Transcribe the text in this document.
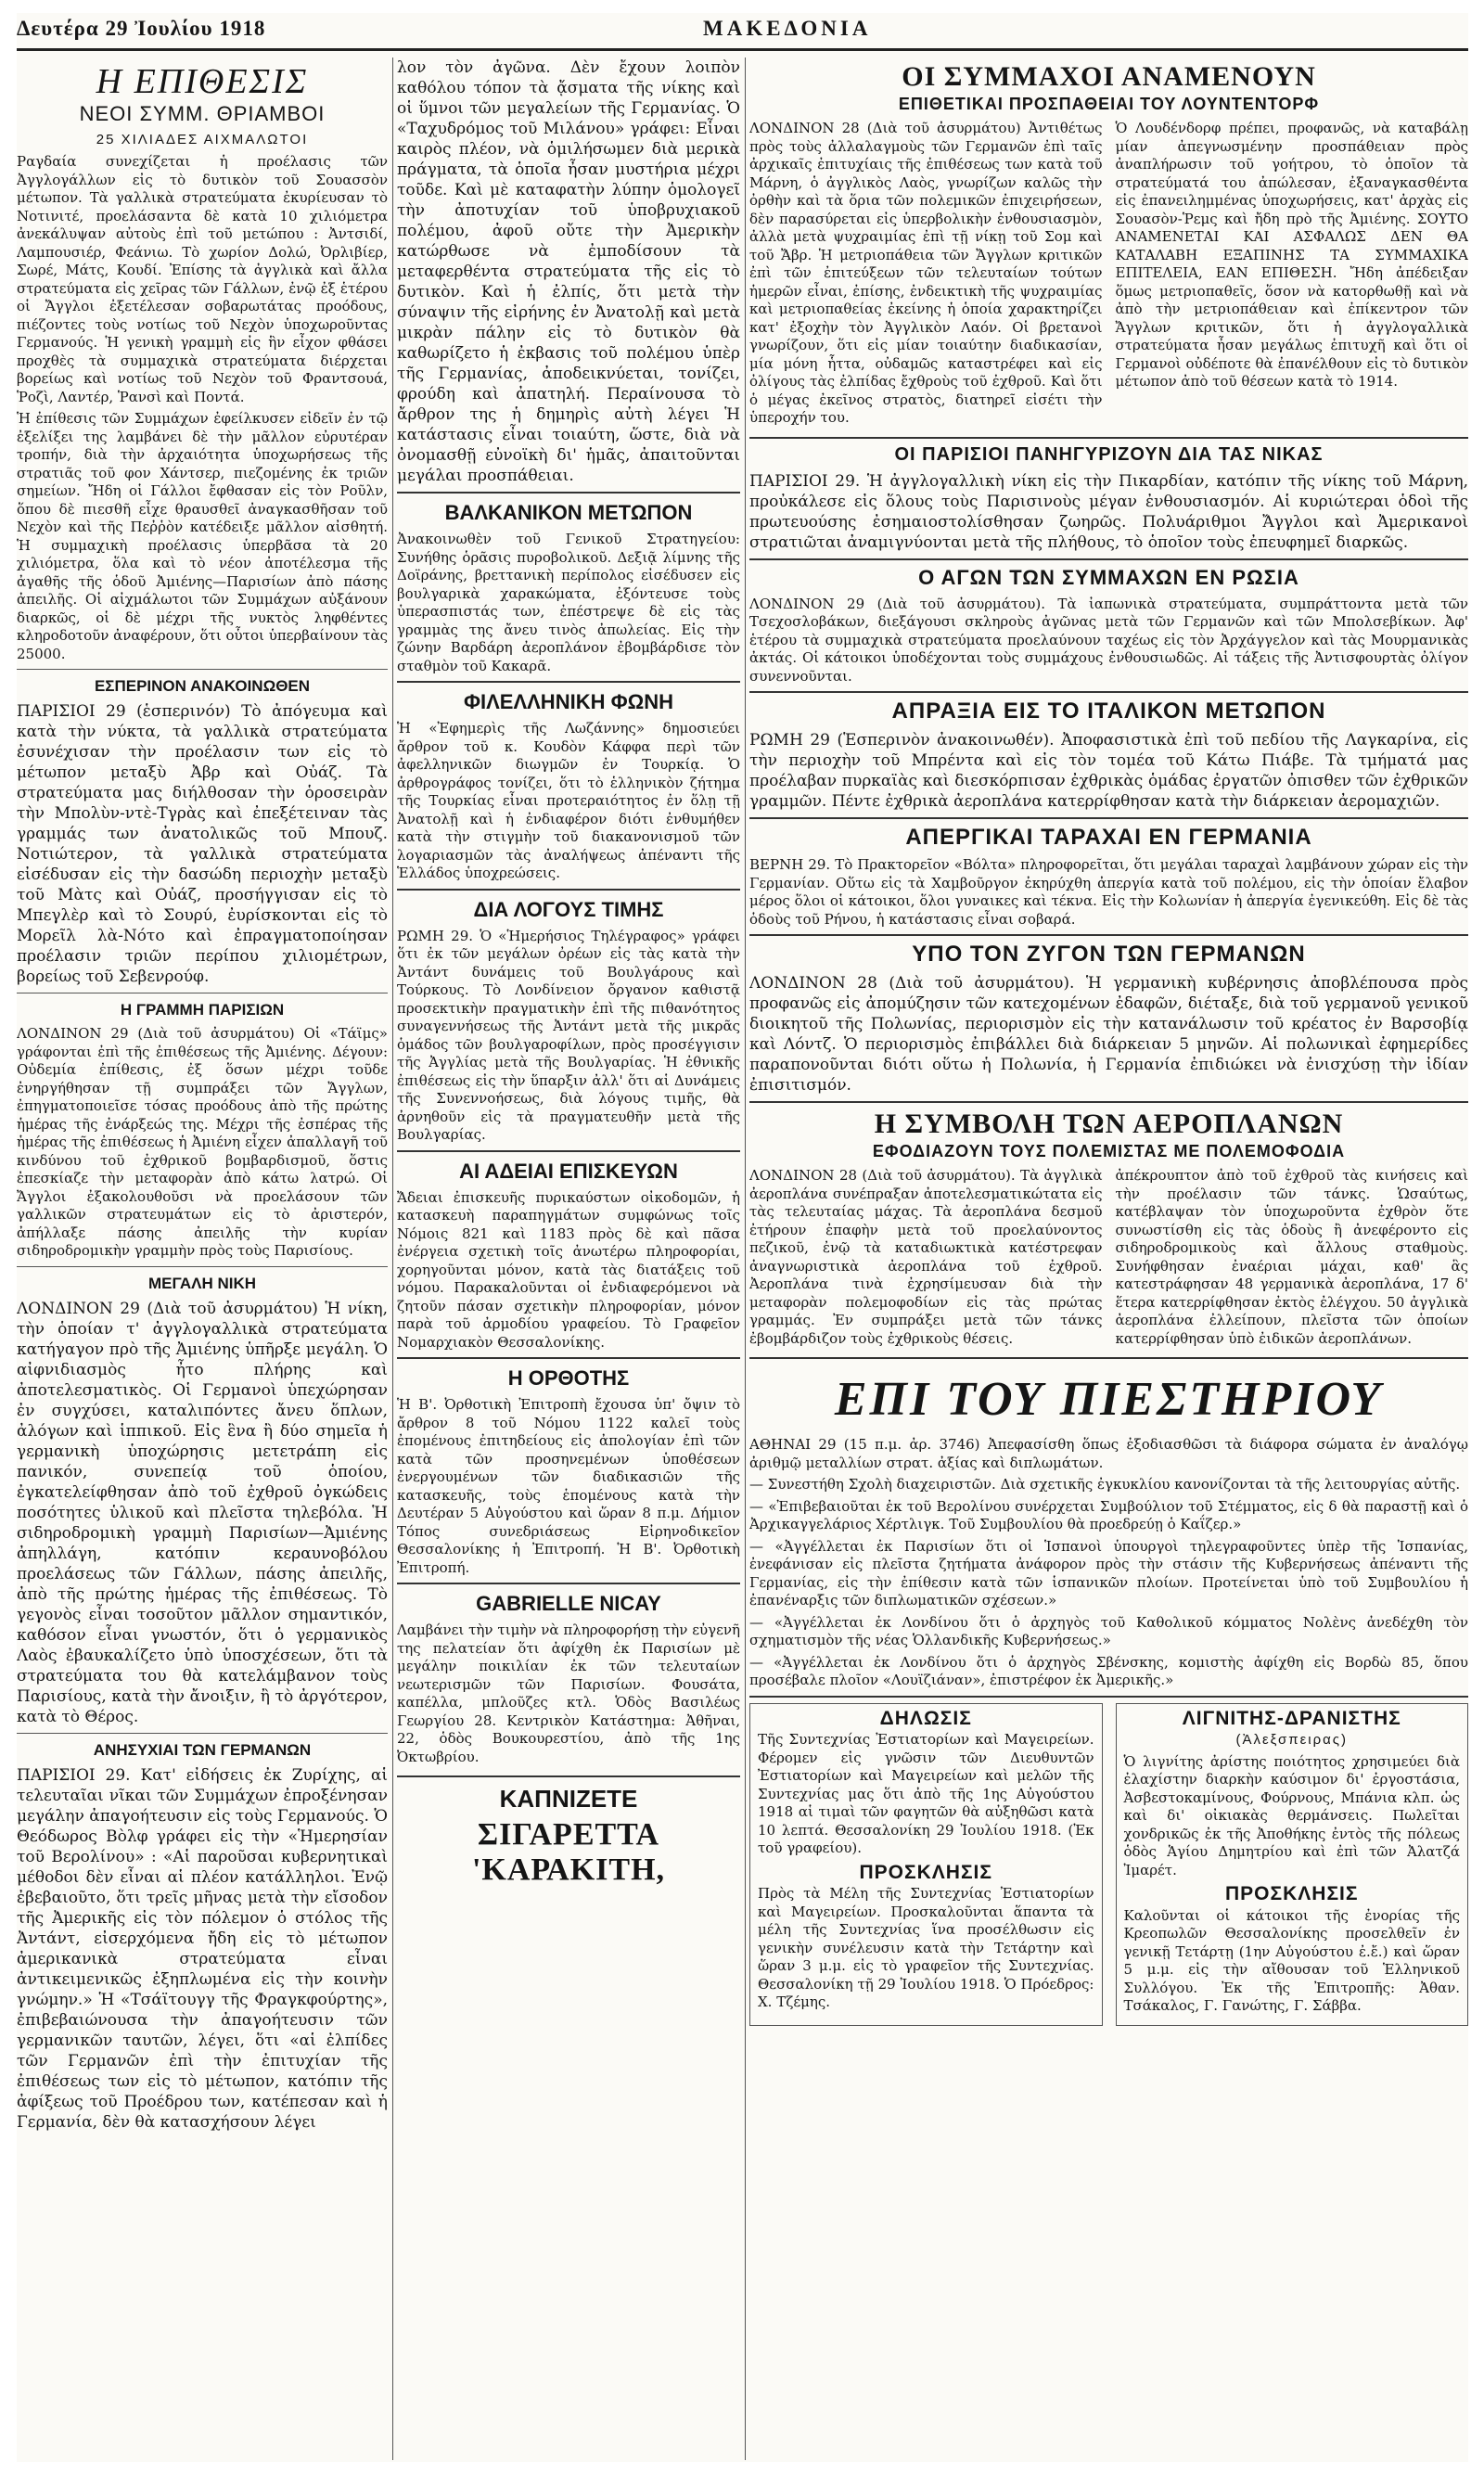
Δευτέρα 29 Ἰουλίου 1918	ΜΑΚΕΔΟΝΙΑ
Η ΕΠΙΘΕΣΙΣ
ΝΕΟΙ ΣΥΜΜ. ΘΡΙΑΜΒΟΙ
25 ΧΙΛΙΑΔΕΣ ΑΙΧΜΑΛΩΤΟΙ

Ραγδαία συνεχίζεται ἡ προέλασις τῶν Ἀγγλογάλλων εἰς τὸ δυτικὸν τοῦ Σουασσὸν μέτωπον. Τὰ γαλλικὰ στρατεύματα ἐκυρίευσαν τὸ Νοτινιτέ, προελάσαντα δὲ κατὰ 10 χιλιόμετρα ἀνεκάλυψαν αὐτοὺς ἐπὶ τοῦ μετώπου : Ἀντσιδί, Λαμπουσιέρ, Φεάνιω. Τὸ χωρίον Δολώ, Ὀρλιβίερ, Σωρέ, Μάτς, Κουδί. Ἐπίσης τὰ ἀγγλικὰ καὶ ἄλλα στρατεύματα εἰς χεῖρας τῶν Γάλλων, ἐνῷ ἐξ ἑτέρου οἱ Ἄγγλοι ἐξετέλεσαν σοβαρωτάτας προόδους, πιέζοντες τοὺς νοτίως τοῦ Νεχὸν ὑποχωροῦντας Γερμανούς. Ἡ γενικὴ γραμμὴ εἰς ἣν εἶχον φθάσει προχθὲς τὰ συμμαχικὰ στρατεύματα διέρχεται βορείως καὶ νοτίως τοῦ Νεχὸν τοῦ Φραντσουά, Ῥοζὶ, Λαντέρ, Ῥανσὶ καὶ Ποντά.

Ἡ ἐπίθεσις τῶν Συμμάχων ἐφείλκυσεν εἰδεῖν ἐν τῷ ἐξελίξει της λαμβάνει δὲ τὴν μᾶλλον εὐρυτέραν τροπήν, διὰ τὴν ἀρχαιότητα ὑποχωρήσεως τῆς στρατιᾶς τοῦ φον Χάντσερ, πιεζομένης ἐκ τριῶν σημείων. Ἤδη οἱ Γάλλοι ἔφθασαν εἰς τὸν Ροῦλν, ὅπου δὲ πιεσθῆ εἶχε θραυσθεῖ ἀναγκασθῆσαν τοῦ Νεχὸν καὶ τῆς Πεῤῥὸν κατέδειξε μᾶλλον αἰσθητή. Ἡ συμμαχικὴ προέλασις ὑπερβᾶσα τὰ 20 χιλιόμετρα, ὅλα καὶ τὸ νέον ἀποτέλεσμα τῆς ἀγαθῆς τῆς ὁδοῦ Ἀμιένης—Παρισίων ἀπὸ πάσης ἀπειλῆς. Οἱ αἰχμάλωτοι τῶν Συμμάχων αὐξάνουν διαρκῶς, οἱ δὲ μέχρι τῆς νυκτὸς ληφθέντες κληροδοτοῦν ἀναφέρουν, ὅτι οὗτοι ὑπερβαίνουν τὰς 25000.

ΕΣΠΕΡΙΝΟΝ ΑΝΑΚΟΙΝΩΘΕΝ

ΠΑΡΙΣΙΟΙ 29 (ἑσπερινόν) Τὸ ἀπόγευμα καὶ κατὰ τὴν νύκτα, τὰ γαλλικὰ στρατεύματα ἐσυνέχισαν τὴν προέλασιν των εἰς τὸ μέτωπον μεταξὺ Ἀβρ καὶ Οὐάζ. Τὰ στρατεύματα μας διήλθοσαν τὴν ὁροσειρὰν τὴν Μπολὺν-ντὲ-Τγρὰς καὶ ἐπεξέτειναν τὰς γραμμάς των ἀνατολικῶς τοῦ Μπουζ. Νοτιώτερον, τὰ γαλλικὰ στρατεύματα εἰσέδυσαν εἰς τὴν δασώδη περιοχὴν μεταξὺ τοῦ Μὰτς καὶ Οὐάζ, προσήγγισαν εἰς τὸ Μπεγλὲρ καὶ τὸ Σουρύ, ἐυρίσκονται εἰς τὸ Μορεῖλ λὰ-Νότο καὶ ἐπραγματοποίησαν προέλασιν τριῶν περίπου χιλιομέτρων, βορείως τοῦ Σεβενρούφ.

Η ΓΡΑΜΜΗ ΠΑΡΙΣΙΩΝ

ΛΟΝΔΙΝΟΝ 29 (Διὰ τοῦ ἀσυρμάτου) Οἱ «Τάϊμς» γράφονται ἐπὶ τῆς ἐπιθέσεως τῆς Ἀμιένης. Δέγουν: Οὐδεμία ἐπίθεσις, ἐξ ὅσων μέχρι τοῦδε ἐνηργήθησαν τῇ συμπράξει τῶν Ἄγγλων, ἐπηγματοποιεῖσε τόσας προόδους ἀπὸ τῆς πρώτης ἡμέρας τῆς ἐνάρξεώς της. Μέχρι τῆς ἐσπέρας τῆς ἡμέρας τῆς ἐπιθέσεως ἡ Ἀμιένη εἶχεν ἀπαλλαγῆ τοῦ κινδύνου τοῦ ἐχθρικοῦ βομβαρδισμοῦ, ὅστις ἐπεσκίαζε τὴν μεταφορὰν ἀπὸ κάτω λατρώ. Οἱ Ἄγγλοι ἐξακολουθοῦσι νὰ προελάσουν τῶν γαλλικῶν στρατευμάτων εἰς τὸ ἀριστερόν, ἀπήλλαξε πάσης ἀπειλῆς τὴν κυρίαν σιδηροδρομικὴν γραμμὴν πρὸς τοὺς Παρισίους.

ΜΕΓΑΛΗ ΝΙΚΗ

ΛΟΝΔΙΝΟΝ 29 (Διὰ τοῦ ἀσυρμάτου) Ἡ νίκη, τὴν ὁποίαν τ' ἀγγλογαλλικὰ στρατεύματα κατήγαγον πρὸ τῆς Ἀμιένης ὑπῆρξε μεγάλη. Ὁ αἰφνιδιασμὸς ἦτο πλήρης καὶ ἀποτελεσματικὸς. Οἱ Γερμανοὶ ὑπεχώρησαν ἐν συγχύσει, καταλιπόντες ἄνευ ὅπλων, ἀλόγων καὶ ἱππικοῦ. Εἰς ἓνα ἢ δύο σημεῖα ἡ γερμανικὴ ὑποχώρησις μετετράπη εἰς πανικόν, συνεπείᾳ τοῦ ὁποίου, ἐγκατελείφθησαν ἀπὸ τοῦ ἐχθροῦ ὀγκώδεις ποσότητες ὑλικοῦ καὶ πλεῖστα τηλεβόλα. Ἡ σιδηροδρομικὴ γραμμὴ Παρισίων—Ἀμιένης ἀπηλλάγη, κατόπιν κεραυνοβόλου προελάσεως τῶν Γάλλων, πάσης ἀπειλῆς, ἀπὸ τῆς πρώτης ἡμέρας τῆς ἐπιθέσεως. Τὸ γεγονὸς εἶναι τοσοῦτον μᾶλλον σημαντικόν, καθόσον εἶναι γνωστόν, ὅτι ὁ γερμανικὸς Λαὸς ἐβαυκαλίζετο ὑπὸ ὑποσχέσεων, ὅτι τὰ στρατεύματα του θὰ κατελάμβανον τοὺς Παρισίους, κατὰ τὴν ἄνοιξιν, ἢ τὸ ἀργότερον, κατὰ τὸ Θέρος.

ΑΝΗΣΥΧΙΑΙ ΤΩΝ ΓΕΡΜΑΝΩΝ

ΠΑΡΙΣΙΟΙ 29. Κατ' εἰδήσεις ἐκ Ζυρίχης, αἱ τελευταῖαι νῖκαι τῶν Συμμάχων ἐπροξένησαν μεγάλην ἀπαγοήτευσιν εἰς τοὺς Γερμανούς. Ὁ Θεόδωρος Βὸλφ γράφει εἰς τὴν «Ἡμερησίαν τοῦ Βερολίνου» : «Αἱ παροῦσαι κυβερνητικαὶ μέθοδοι δὲν εἶναι αἱ πλέον κατάλληλοι. Ἐνῷ ἐβεβαιοῦτο, ὅτι τρεῖς μῆνας μετὰ τὴν εἴσοδον τῆς Ἀμερικῆς εἰς τὸν πόλεμον ὁ στόλος τῆς Ἀντάντ, εἰσερχόμενα ἤδη εἰς τὸ μέτωπον ἀμερικανικὰ στρατεύματα εἶναι ἀντικειμενικῶς ἐξηπλωμένα εἰς τὴν κοινὴν γνώμην.» Ἡ «Τσάϊτουγγ τῆς Φραγκφούρτης», ἐπιβεβαιώνουσα τὴν ἀπαγοήτευσιν τῶν γερμανικῶν ταυτῶν, λέγει, ὅτι «αἱ ἐλπίδες τῶν Γερμανῶν ἐπὶ τὴν ἐπιτυχίαν τῆς ἐπιθέσεως των εἰς τὸ μέτωπον, κατόπιν τῆς ἀφίξεως τοῦ Προέδρου των, κατέπεσαν καὶ ἡ Γερμανία, δὲν θὰ κατασχήσουν λέγει

λον τὸν ἀγῶνα. Δὲν ἔχουν λοιπὸν καθόλου τόπον τὰ ᾄσματα τῆς νίκης καὶ οἱ ὕμνοι τῶν μεγαλείων τῆς Γερμανίας. Ὁ «Ταχυδρόμος τοῦ Μιλάνου» γράφει: Εἶναι καιρὸς πλέον, νὰ ὁμιλήσωμεν διὰ μερικὰ πράγματα, τὰ ὁποῖα ἦσαν μυστήρια μέχρι τοῦδε. Καὶ μὲ καταφατὴν λύπην ὁμολογεῖ τὴν ἀποτυχίαν τοῦ ὑποβρυχιακοῦ πολέμου, ἀφοῦ οὔτε τὴν Ἀμερικὴν κατώρθωσε νὰ ἐμποδίσουν τὰ μεταφερθέντα στρατεύματα τῆς εἰς τὸ δυτικὸν. Καὶ ἡ ἐλπίς, ὅτι μετὰ τὴν σύναψιν τῆς εἰρήνης ἐν Ἀνατολῇ καὶ μετὰ μικρὰν πάλην εἰς τὸ δυτικὸν θὰ καθωρίζετο ἡ ἐκβασις τοῦ πολέμου ὑπὲρ τῆς Γερμανίας, ἀποδεικνύεται, τονίζει, φρούδη καὶ ἀπατηλή. Περαίνουσα τὸ ἄρθρον της ἡ δημηρὶς αὐτὴ λέγει Ἡ κατάστασις εἶναι τοιαύτη, ὥστε, διὰ νὰ ὀνομασθῇ εὐνοϊκὴ δι' ἡμᾶς, ἀπαιτοῦνται μεγάλαι προσπάθειαι.

ΒΑΛΚΑΝΙΚΟΝ ΜΕΤΩΠΟΝ

Ἀνακοινωθὲν τοῦ Γενικοῦ Στρατηγείου: Συνήθης ὁρᾶσις πυροβολικοῦ. Δεξιᾷ λίμνης τῆς Δοϊράνης, βρεττανικὴ περίπολος εἰσέδυσεν εἰς βουλγαρικὰ χαρακώματα, ἐξόντευσε τοὺς ὑπερασπιστάς των, ἐπέστρεψε δὲ εἰς τὰς γραμμὰς της ἄνευ τινὸς ἀπωλείας. Εἰς τὴν ζώνην Βαρδάρη ἀεροπλάνον ἐβομβάρδισε τὸν σταθμὸν τοῦ Κακαρᾶ.

ΦΙΛΕΛΛΗΝΙΚΗ ΦΩΝΗ

Ἡ «Ἐφημερὶς τῆς Λωζάννης» δημοσιεύει ἄρθρον τοῦ κ. Κουδὸν Κάφφα περὶ τῶν ἀφελληνικῶν διωγμῶν ἐν Τουρκίᾳ. Ὁ ἀρθρογράφος τονίζει, ὅτι τὸ ἑλληνικὸν ζήτημα τῆς Τουρκίας εἶναι προτεραιότητος ἐν ὅλῃ τῇ Ἀνατολῇ καὶ ἡ ἐνδιαφέρον διότι ἐνθυμήθεν κατὰ τὴν στιγμὴν τοῦ διακανονισμοῦ τῶν λογαριασμῶν τὰς ἀναλήψεως ἀπέναντι τῆς Ἑλλάδος ὑποχρεώσεις.

ΔΙΑ ΛΟΓΟΥΣ ΤΙΜΗΣ

ΡΩΜΗ 29. Ὁ «Ἡμερήσιος Τηλέγραφος» γράφει ὅτι ἐκ τῶν μεγάλων ὀρέων εἰς τὰς κατὰ τὴν Ἀντάντ δυνάμεις τοῦ Βουλγάρους καὶ Τούρκους. Τὸ Λονδίνειον ὄργανον καθιστᾷ προσεκτικὴν πραγματικὴν ἐπὶ τῆς πιθανότητος συναγεννήσεως τῆς Ἀντάντ μετὰ τῆς μικρᾶς ὁμάδος τῶν βουλγαροφίλων, πρὸς προσέγγισιν τῆς Ἀγγλίας μετὰ τῆς Βουλγαρίας. Ἡ ἐθνικῆς ἐπιθέσεως εἰς τὴν ὕπαρξιν ἀλλ' ὅτι αἱ Δυνάμεις τῆς Συνεννοήσεως, διὰ λόγους τιμῆς, θὰ ἀρνηθοῦν εἰς τὰ πραγματευθῆν μετὰ τῆς Βουλγαρίας.

ΑΙ ΑΔΕΙΑΙ ΕΠΙΣΚΕΥΩΝ

Ἄδειαι ἐπισκευῆς πυρικαύστων οἰκοδομῶν, ἡ κατασκευὴ παραπηγμάτων συμφώνως τοῖς Νόμοις 821 καὶ 1183 πρὸς δὲ καὶ πᾶσα ἐνέργεια σχετικὴ τοῖς ἀνωτέρω πληροφορίαι, χορηγοῦνται μόνον, κατὰ τὰς διατάξεις τοῦ νόμου. Παρακαλοῦνται οἱ ἐνδιαφερόμενοι νὰ ζητοῦν πάσαν σχετικὴν πληροφορίαν, μόνον παρὰ τοῦ ἀρμοδίου γραφείου. Τὸ Γραφεῖον Νομαρχιακὸν Θεσσαλονίκης.

Η ΟΡΘΟΤΗΣ

Ἡ Β'. Ὀρθοτικὴ Ἐπιτροπὴ ἔχουσα ὑπ' ὄψιν τὸ ἄρθρον 8 τοῦ Νόμου 1122 καλεῖ τοὺς ἐπομένους ἐπιτηδείους εἰς ἀπολογίαν ἐπὶ τῶν κατὰ τῶν προσηνεμένων ὑποθέσεων ἐνεργουμένων τῶν διαδικασιῶν τῆς κατασκευῆς, τοὺς ἑπομένους κατὰ τὴν Δευτέραν 5 Αὐγούστου καὶ ὥραν 8 π.μ. Δήμιον Τόπος συνεδριάσεως Εἰρηνοδικεῖον Θεσσαλονίκης ἡ Ἐπιτροπή. Ἡ Β'. Ὀρθοτικὴ Ἐπιτροπή.

GABRIELLE NICAY

Λαμβάνει τὴν τιμὴν νὰ πληροφορήσῃ τὴν εὐγενῆ της πελατείαν ὅτι ἀφίχθη ἐκ Παρισίων μὲ μεγάλην ποικιλίαν ἐκ τῶν τελευταίων νεωτερισμῶν τῶν Παρισίων. Φουσάτα, καπέλλα, μπλοῦζες κτλ. Ὁδὸς Βασιλέως Γεωργίου 28. Κεντρικὸν Κατάστημα: Ἀθῆναι, 22, ὁδὸς Βουκουρεστίου, ἀπὸ τῆς 1ης Ὀκτωβρίου.

ΚΑΠΝΙΖΕΤΕ
ΣΙΓΑΡΕΤΤΑ 'ΚΑΡΑΚΙΤΗ,
ΟΙ ΣΥΜΜΑΧΟΙ ΑΝΑΜΕΝΟΥΝ
ΕΠΙΘΕΤΙΚΑΙ ΠΡΟΣΠΑΘΕΙΑΙ ΤΟΥ ΛΟΥΝΤΕΝΤΟΡΦ

ΛΟΝΔΙΝΟΝ 28 (Διὰ τοῦ ἀσυρμάτου) Ἀντιθέτως πρὸς τοὺς ἀλλαλαγμοὺς τῶν Γερμανῶν ἐπὶ ταῖς ἀρχικαῖς ἐπιτυχίαις τῆς ἐπιθέσεως των κατὰ τοῦ Μάρνη, ὁ ἀγγλικὸς Λαὸς, γνωρίζων καλῶς τὴν ὀρθὴν καὶ τὰ ὅρια τῶν πολεμικῶν ἐπιχειρήσεων, δὲν παρασύρεται εἰς ὑπερβολικὴν ἐνθουσιασμὸν, ἀλλὰ μετὰ ψυχραιμίας ἐπὶ τῇ νίκῃ τοῦ Σομ καὶ τοῦ Ἄβρ. Ἡ μετριοπάθεια τῶν Ἄγγλων κριτικῶν ἐπὶ τῶν ἐπιτεύξεων τῶν τελευταίων τούτων ἡμερῶν εἶναι, ἐπίσης, ἐνδεικτικὴ τῆς ψυχραιμίας καὶ μετριοπαθείας ἐκείνης ἡ ὁποία χαρακτηρίζει κατ' ἐξοχὴν τὸν Ἀγγλικὸν Λαόν. Οἱ βρετανοὶ γνωρίζουν, ὅτι εἰς μίαν τοιαύτην διαδικασίαν, μία μόνη ἧττα, οὐδαμῶς καταστρέφει καὶ εἰς ὀλίγους τὰς ἐλπίδας ἔχθροὺς τοῦ ἐχθροῦ. Καὶ ὅτι ὁ μέγας ἐκεῖνος στρατὸς, διατηρεῖ εἰσέτι τὴν ὑπεροχήν του.

Ὁ Λουδένδορφ πρέπει, προφανῶς, νὰ καταβάλῃ μίαν ἀπεγνωσμένην προσπάθειαν πρὸς ἀναπλήρωσιν τοῦ γοήτρου, τὸ ὁποῖον τὰ στρατεύματά του ἀπώλεσαν, ἐξαναγκασθέντα εἰς ἐπανειλημμένας ὑποχωρήσεις, κατ' ἀρχὰς εἰς Σουασὸν-Ῥεμς καὶ ἤδη πρὸ τῆς Ἀμιένης. ΣΟΥΤΟ ΑΝΑΜΕΝΕΤΑΙ ΚΑΙ ΑΣΦΑΛΩΣ ΔΕΝ ΘΑ ΚΑΤΑΛΑΒΗ ΕΞΑΠΙΝΗΣ ΤΑ ΣΥΜΜΑΧΙΚΑ ΕΠΙΤΕΛΕΙΑ, ΕΑΝ ΕΠΙΘΕΣΗ. Ἤδη ἀπέδειξαν ὅμως μετριοπαθεῖς, ὅσον νὰ κατορθωθῇ καὶ νὰ ἀπὸ τὴν μετριοπάθειαν καὶ ἐπίκεντρον τῶν Ἄγγλων κριτικῶν, ὅτι ἡ ἀγγλογαλλικὰ στρατεύματα ἦσαν μεγάλως ἐπιτυχῆ καὶ ὅτι οἱ Γερμανοὶ οὐδέποτε θὰ ἐπανέλθουν εἰς τὸ δυτικὸν μέτωπον ἀπὸ τοῦ θέσεων κατὰ τὸ 1914.

ΟΙ ΠΑΡΙΣΙΟΙ ΠΑΝΗΓΥΡΙΖΟΥΝ ΔΙΑ ΤΑΣ ΝΙΚΑΣ

ΠΑΡΙΣΙΟΙ 29. Ἡ ἀγγλογαλλικὴ νίκη εἰς τὴν Πικαρδίαν, κατόπιν τῆς νίκης τοῦ Μάρνη, προὐκάλεσε εἰς ὅλους τοὺς Παρισινοὺς μέγαν ἐνθουσιασμόν. Αἱ κυριώτεραι ὁδοὶ τῆς πρωτευούσης ἐσημαιοστολίσθησαν ζωηρῶς. Πολυάριθμοι Ἄγγλοι καὶ Ἀμερικανοὶ στρατιῶται ἀναμιγνύονται μετὰ τῆς πλήθους, τὸ ὁποῖον τοὺς ἐπευφημεῖ διαρκῶς.

Ο ΑΓΩΝ ΤΩΝ ΣΥΜΜΑΧΩΝ ΕΝ ΡΩΣΙΑ

ΛΟΝΔΙΝΟΝ 29 (Διὰ τοῦ ἀσυρμάτου). Τὰ ἰαπωνικὰ στρατεύματα, συμπράττοντα μετὰ τῶν Τσεχοσλοβάκων, διεξάγουσι σκληροὺς ἀγῶνας μετὰ τῶν Γερμανῶν καὶ τῶν Μπολσεβίκων. Ἀφ' ἑτέρου τὰ συμμαχικὰ στρατεύματα προελαύνουν ταχέως εἰς τὸν Ἀρχάγγελον καὶ τὰς Μουρμανικὰς ἀκτάς. Οἱ κάτοικοι ὑποδέχονται τοὺς συμμάχους ἐνθουσιωδῶς. Αἱ τάξεις τῆς Ἀντισφουρτὰς ὀλίγον συνεννοῦνται.

ΑΠΡΑΞΙΑ ΕΙΣ ΤΟ ΙΤΑΛΙΚΟΝ ΜΕΤΩΠΟΝ

ΡΩΜΗ 29 (Ἑσπερινὸν ἀνακοινωθέν). Ἀποφασιστικὰ ἐπὶ τοῦ πεδίου τῆς Λαγκαρίνα, εἰς τὴν περιοχὴν τοῦ Μπρέντα καὶ εἰς τὸν τομέα τοῦ Κάτω Πιάβε. Τὰ τμήματά μας προέλαβαν πυρκαϊὰς καὶ διεσκόρπισαν ἐχθρικὰς ὁμάδας ἐργατῶν ὀπισθεν τῶν ἐχθρικῶν γραμμῶν. Πέντε ἐχθρικὰ ἀεροπλάνα κατερρίφθησαν κατὰ τὴν διάρκειαν ἀερομαχιῶν.

ΑΠΕΡΓΙΚΑΙ ΤΑΡΑΧΑΙ ΕΝ ΓΕΡΜΑΝΙΑ

ΒΕΡΝΗ 29. Τὸ Πρακτορεῖον «Βόλτα» πληροφορεῖται, ὅτι μεγάλαι ταραχαὶ λαμβάνουν χώραν εἰς τὴν Γερμανίαν. Οὕτω εἰς τὰ Χαμβοῦργον ἐκηρύχθη ἀπεργία κατὰ τοῦ πολέμου, εἰς τὴν ὁποίαν ἔλαβον μέρος ὅλοι οἱ κάτοικοι, ὅλοι γυναικες καὶ τέκνα. Εἰς τὴν Κολωνίαν ἡ ἀπεργία ἐγενικεύθη. Εἰς δὲ τὰς ὁδοὺς τοῦ Ρήνου, ἡ κατάστασις εἶναι σοβαρά.

ΥΠΟ ΤΟΝ ΖΥΓΟΝ ΤΩΝ ΓΕΡΜΑΝΩΝ

ΛΟΝΔΙΝΟΝ 28 (Διὰ τοῦ ἀσυρμάτου). Ἡ γερμανικὴ κυβέρνησις ἀποβλέπουσα πρὸς προφανῶς εἰς ἀπομύζησιν τῶν κατεχομένων ἐδαφῶν, διέταξε, διὰ τοῦ γερμανοῦ γενικοῦ διοικητοῦ τῆς Πολωνίας, περιορισμὸν εἰς τὴν κατανάλωσιν τοῦ κρέατος ἐν Βαρσοβίᾳ καὶ Λόντζ. Ὁ περιορισμὸς ἐπιβάλλει διὰ διάρκειαν 5 μηνῶν. Αἱ πολωνικαὶ ἐφημερίδες παραπονοῦνται διότι οὕτω ἡ Πολωνία, ἡ Γερμανία ἐπιδιώκει νὰ ἐνισχύσῃ τὴν ἰδίαν ἐπισιτισμόν.

Η ΣΥΜΒΟΛΗ ΤΩΝ ΑΕΡΟΠΛΑΝΩΝ
ΕΦΟΔΙΑΖΟΥΝ ΤΟΥΣ ΠΟΛΕΜΙΣΤΑΣ ΜΕ ΠΟΛΕΜΟΦΟΔΙΑ

ΛΟΝΔΙΝΟΝ 28 (Διὰ τοῦ ἀσυρμάτου). Τὰ ἀγγλικὰ ἀεροπλάνα συνέπραξαν ἀποτελεσματικώτατα εἰς τὰς τελευταίας μάχας. Τὰ ἀεροπλάνα δεσμοῦ ἐτήρουν ἐπαφὴν μετὰ τοῦ προελαύνοντος πεζικοῦ, ἐνῷ τὰ καταδιωκτικὰ κατέστρεφαν ἀναγνωριστικὰ ἀεροπλάνα τοῦ ἐχθροῦ. Ἀεροπλάνα τινὰ ἐχρησίμευσαν διὰ τὴν μεταφορὰν πολεμοφοδίων εἰς τὰς πρώτας γραμμάς. Ἐν συμπράξει μετὰ τῶν τάνκς ἐβομβάρδιζον τοὺς ἐχθρικοὺς θέσεις.

ἀπέκρουπτον ἀπὸ τοῦ ἐχθροῦ τὰς κινήσεις καὶ τὴν προέλασιν τῶν τάνκς. Ὡσαύτως, κατέβλαψαν τὸν ὑποχωροῦντα ἐχθρὸν ὅτε συνωστίσθη εἰς τὰς ὁδοὺς ἢ ἀνεφέροντο εἰς σιδηροδρομικοὺς καὶ ἄλλους σταθμοὺς. Συνήφθησαν ἐναέριαι μάχαι, καθ' ἃς κατεστράφησαν 48 γερμανικὰ ἀεροπλάνα, 17 δ' ἕτερα κατερρίφθησαν ἐκτὸς ἐλέγχου. 50 ἀγγλικὰ ἀεροπλάνα ἐλλείπουν, πλεῖστα τῶν ὁποίων κατερρίφθησαν ὑπὸ ἐιδικῶν ἀεροπλάνων.

ΕΠΙ ΤΟΥ ΠΙΕΣΤΗΡΙΟΥ

ΑΘΗΝΑΙ 29 (15 π.μ. ἀρ. 3746) Ἀπεφασίσθη ὅπως ἐξοδιασθῶσι τὰ διάφορα σώματα ἐν ἀναλόγῳ ἀριθμῷ μεταλλίων στρατ. ἀξίας καὶ διπλωμάτων.

— Συνεστήθη Σχολὴ διαχειριστῶν. Διὰ σχετικῆς ἐγκυκλίου κανονίζονται τὰ τῆς λειτουργίας αὐτῆς.

— «Ἐπιβεβαιοῦται ἐκ τοῦ Βερολίνου συνέρχεται Συμβούλιον τοῦ Στέμματος, εἰς δ θὰ παραστῇ καὶ ὁ Ἀρχικαγγελάριος Χέρτλιγκ. Τοῦ Συμβουλίου θὰ προεδρεύῃ ὁ Καΐζερ.»

— «Ἀγγέλλεται ἐκ Παρισίων ὅτι οἱ Ἱσπανοὶ ὑπουργοὶ τηλεγραφοῦντες ὑπὲρ τῆς Ἱσπανίας, ἐνεφάνισαν εἰς πλεῖστα ζητήματα ἀνάφορον πρὸς τὴν στάσιν τῆς Κυβερνήσεως ἀπέναντι τῆς Γερμανίας, εἰς τὴν ἐπίθεσιν κατὰ τῶν ἱσπανικῶν πλοίων. Προτείνεται ὑπὸ τοῦ Συμβουλίου ἡ ἐπανέναρξις τῶν διπλωματικῶν σχέσεων.»

— «Ἀγγέλλεται ἐκ Λονδίνου ὅτι ὁ ἀρχηγὸς τοῦ Καθολικοῦ κόμματος Νολὲνς ἀνεδέχθη τὸν σχηματισμὸν τῆς νέας Ὁλλανδικῆς Κυβερνήσεως.»

— «Ἀγγέλλεται ἐκ Λονδίνου ὅτι ὁ ἀρχηγὸς Σβένσκης, κομιστὴς ἀφίχθη εἰς Βορδὼ 85, ὅπου προσέβαλε πλοῖον «Λουϊζιάναν», ἐπιστρέφον ἐκ Ἀμερικῆς.»

ΔΗΛΩΣΙΣ

Τῆς Συντεχνίας Ἐστιατορίων καὶ Μαγειρείων. Φέρομεν εἰς γνῶσιν τῶν Διευθυντῶν Ἐστιατορίων καὶ Μαγειρείων καὶ μελῶν τῆς Συντεχνίας μας ὅτι ἀπὸ τῆς 1ης Αὐγούστου 1918 αἱ τιμαὶ τῶν φαγητῶν θὰ αὐξηθῶσι κατὰ 10 λεπτά. Θεσσαλονίκη 29 Ἰουλίου 1918. (Ἐκ τοῦ γραφείου).

ΠΡΟΣΚΛΗΣΙΣ

Πρὸς τὰ Μέλη τῆς Συντεχνίας Ἐστιατορίων καὶ Μαγειρείων. Προσκαλοῦνται ἅπαντα τὰ μέλη τῆς Συντεχνίας ἵνα προσέλθωσιν εἰς γενικὴν συνέλευσιν κατὰ τὴν Τετάρτην καὶ ὥραν 3 μ.μ. εἰς τὸ γραφεῖον τῆς Συντεχνίας. Θεσσαλονίκη τῇ 29 Ἰουλίου 1918. Ὁ Πρόεδρος: Χ. Τζέμης.

ΛΙΓΝΙΤΗΣ-ΔΡΑΝΙΣΤΗΣ
(Ἀλεξσπειρας)

Ὁ λιγνίτης ἀρίστης ποιότητος χρησιμεύει διὰ ἐλαχίστην διαρκὴν καύσιμον δι' ἐργοστάσια, Ἀσβεστοκαμίνους, Φούρνους, Μπάνια κλπ. ὡς καὶ δι' οἰκιακὰς θερμάνσεις. Πωλεῖται χονδρικῶς ἐκ τῆς Ἀποθήκης ἐντὸς τῆς πόλεως ὁδὸς Ἁγίου Δημητρίου καὶ ἐπὶ τῶν Ἀλατζά Ἰμαρέτ.

ΠΡΟΣΚΛΗΣΙΣ

Καλοῦνται οἱ κάτοικοι τῆς ἐνορίας τῆς Κρεοπωλῶν Θεσσαλονίκης προσελθεῖν ἐν γενικῇ Τετάρτῃ (1ην Αὐγούστου ἐ.ἔ.) καὶ ὥραν 5 μ.μ. εἰς τὴν αἴθουσαν τοῦ Ἑλληνικοῦ Συλλόγου. Ἐκ τῆς Ἐπιτροπῆς: Ἀθαν. Τσάκαλος, Γ. Γανώτης, Γ. Σάββα.
